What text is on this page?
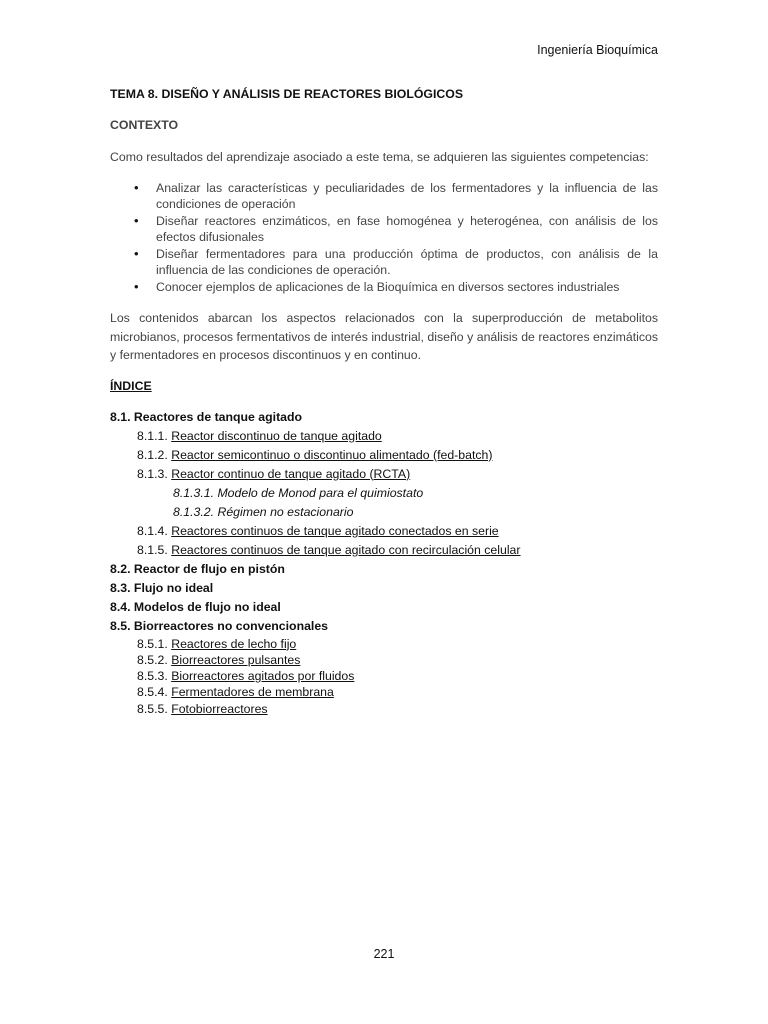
Ingeniería Bioquímica
TEMA 8. DISEÑO Y ANÁLISIS DE REACTORES BIOLÓGICOS
CONTEXTO

Como resultados del aprendizaje asociado a este tema, se adquieren las siguientes competencias:

• Analizar las características y peculiaridades de los fermentadores y la influencia de las condiciones de operación
• Diseñar reactores enzimáticos, en fase homogénea y heterogénea, con análisis de los efectos difusionales
• Diseñar fermentadores para una producción óptima de productos, con análisis de la influencia de las condiciones de operación.
• Conocer ejemplos de aplicaciones de la Bioquímica en diversos sectores industriales

Los contenidos abarcan los aspectos relacionados con la superproducción de metabolitos microbianos, procesos fermentativos de interés industrial, diseño y análisis de reactores enzimáticos y fermentadores en procesos discontinuos y en continuo.

ÍNDICE
8.1. Reactores de tanque agitado
8.1.1. Reactor discontinuo de tanque agitado
8.1.2. Reactor semicontinuo o discontinuo alimentado (fed-batch)
8.1.3. Reactor continuo de tanque agitado (RCTA)
8.1.3.1. Modelo de Monod para el quimiostato
8.1.3.2. Régimen no estacionario
8.1.4. Reactores continuos de tanque agitado conectados en serie
8.1.5. Reactores continuos de tanque agitado con recirculación celular
8.2. Reactor de flujo en pistón
8.3. Flujo no ideal
8.4. Modelos de flujo no ideal
8.5. Biorreactores no convencionales
8.5.1. Reactores de lecho fijo
8.5.2. Biorreactores pulsantes
8.5.3. Biorreactores agitados por fluidos
8.5.4. Fermentadores de membrana
8.5.5. Fotobiorreactores
221
